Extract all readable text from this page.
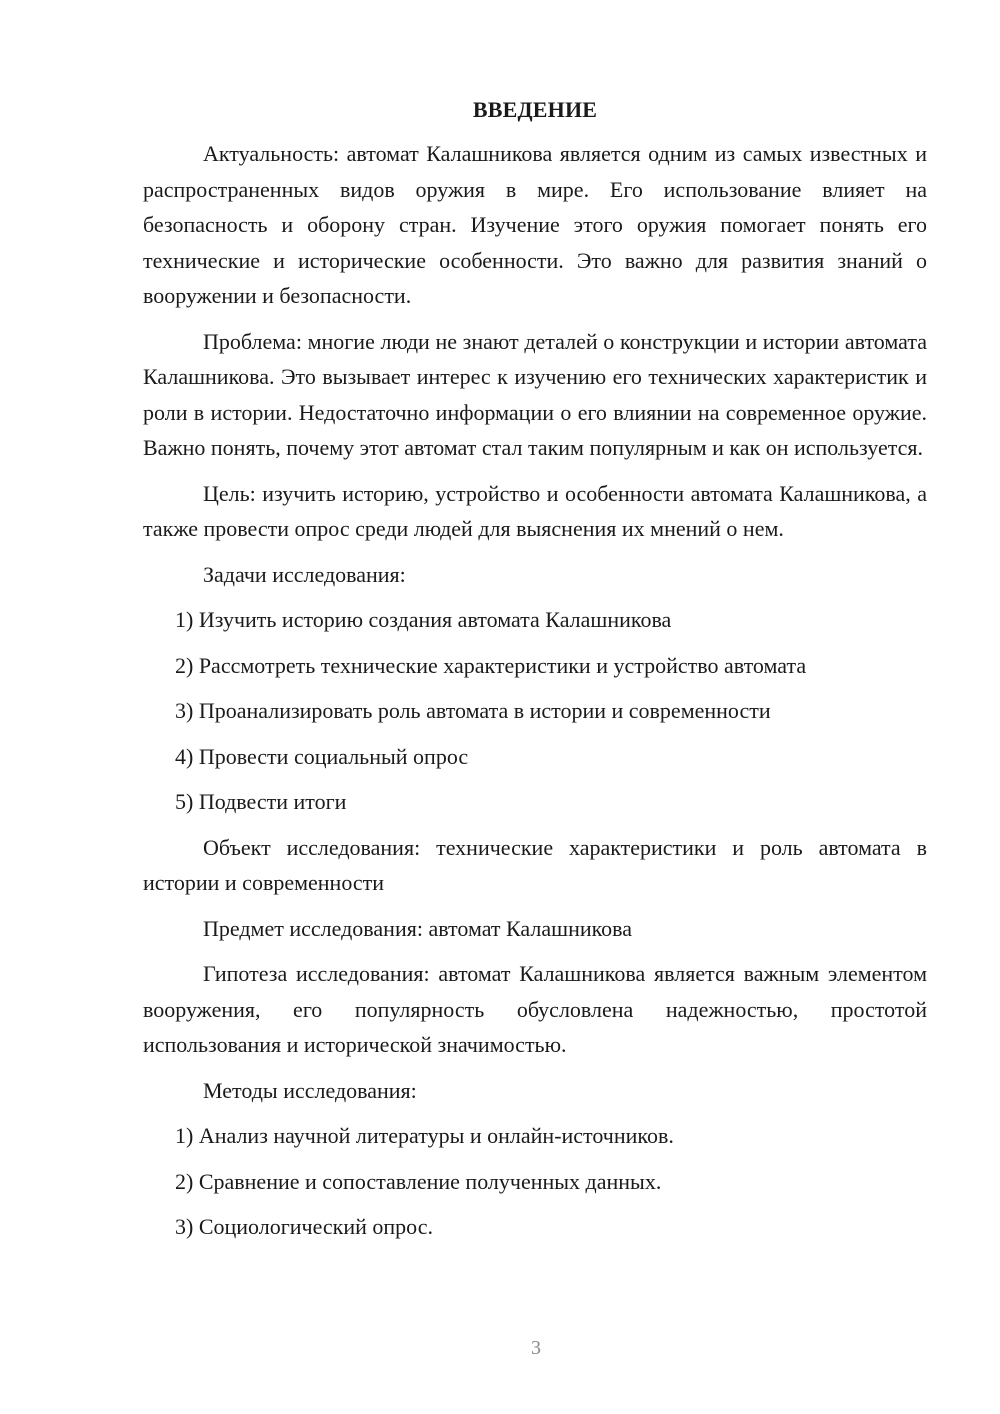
ВВЕДЕНИЕ

Актуальность: автомат Калашникова является одним из самых известных и распространенных видов оружия в мире. Его использование влияет на безопасность и оборону стран. Изучение этого оружия помогает понять его технические и исторические особенности. Это важно для развития знаний о вооружении и безопасности.

Проблема: многие люди не знают деталей о конструкции и истории автомата Калашникова. Это вызывает интерес к изучению его технических характеристик и роли в истории. Недостаточно информации о его влиянии на современное оружие. Важно понять, почему этот автомат стал таким популярным и как он используется.

Цель: изучить историю, устройство и особенности автомата Калашникова, а также провести опрос среди людей для выяснения их мнений о нем.

Задачи исследования:

1) Изучить историю создания автомата Калашникова
2) Рассмотреть технические характеристики и устройство автомата
3) Проанализировать роль автомата в истории и современности
4) Провести социальный опрос
5) Подвести итоги

Объект исследования: технические характеристики и роль автомата в истории и современности

Предмет исследования: автомат Калашникова

Гипотеза исследования: автомат Калашникова является важным элементом вооружения, его популярность обусловлена надежностью, простотой использования и исторической значимостью.

Методы исследования:

1) Анализ научной литературы и онлайн-источников.
2) Сравнение и сопоставление полученных данных.
3) Социологический опрос.
3
